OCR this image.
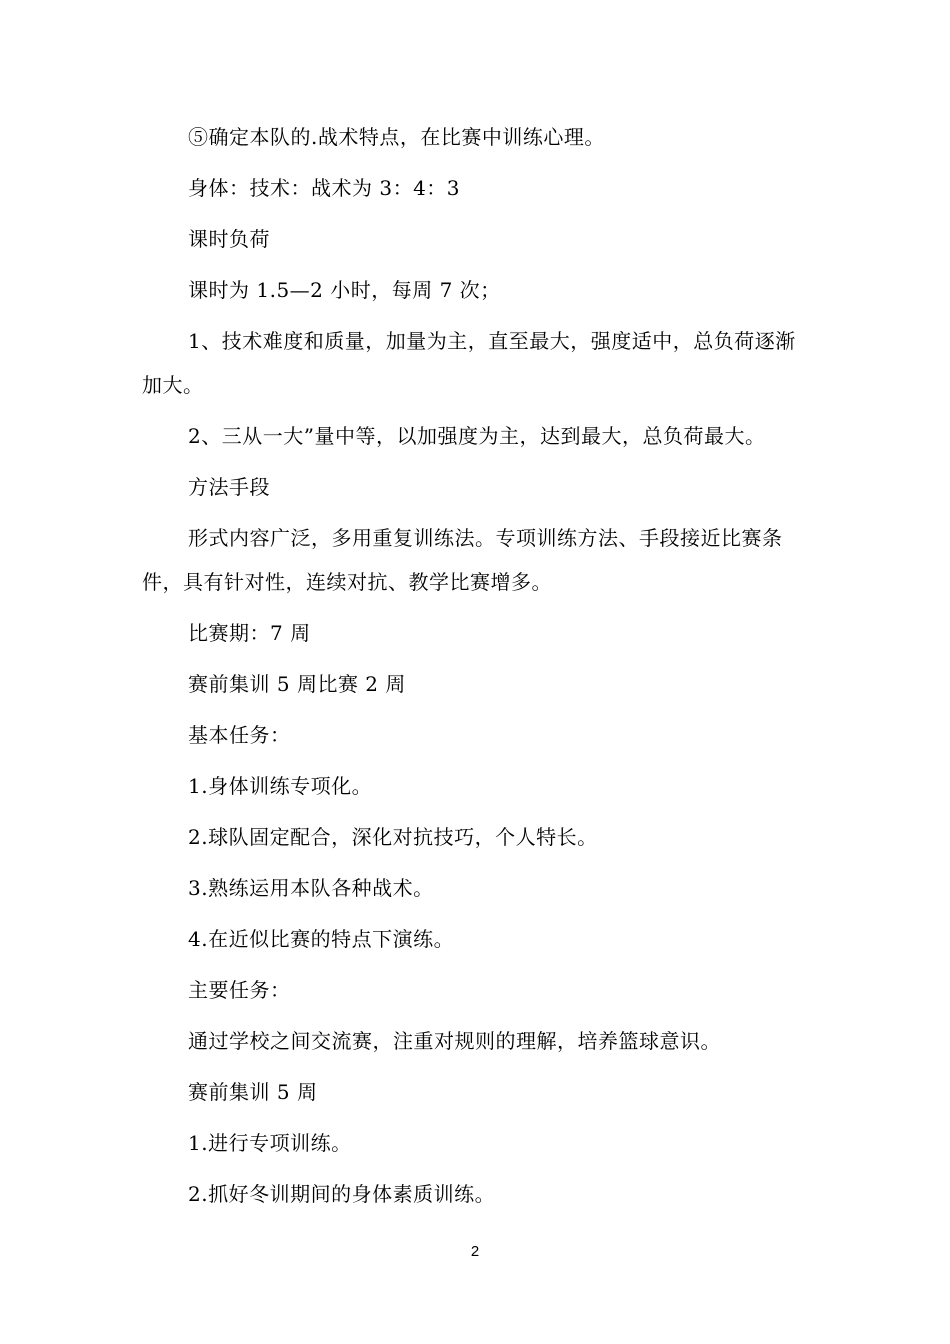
⑤确定本队的.战术特点，在比赛中训练心理。

身体：技术：战术为 3：4：3

课时负荷

课时为 1.5—2 小时，每周 7 次；

1、技术难度和质量，加量为主，直至最大，强度适中，总负荷逐渐加大。

2、三从一大”量中等，以加强度为主，达到最大，总负荷最大。

方法手段

形式内容广泛，多用重复训练法。专项训练方法、手段接近比赛条件，具有针对性，连续对抗、教学比赛增多。

比赛期：7 周

赛前集训 5 周比赛 2 周

基本任务：

1.身体训练专项化。

2.球队固定配合，深化对抗技巧，个人特长。

3.熟练运用本队各种战术。

4.在近似比赛的特点下演练。

主要任务：

通过学校之间交流赛，注重对规则的理解，培养篮球意识。

赛前集训 5 周

1.进行专项训练。

2.抓好冬训期间的身体素质训练。

2
